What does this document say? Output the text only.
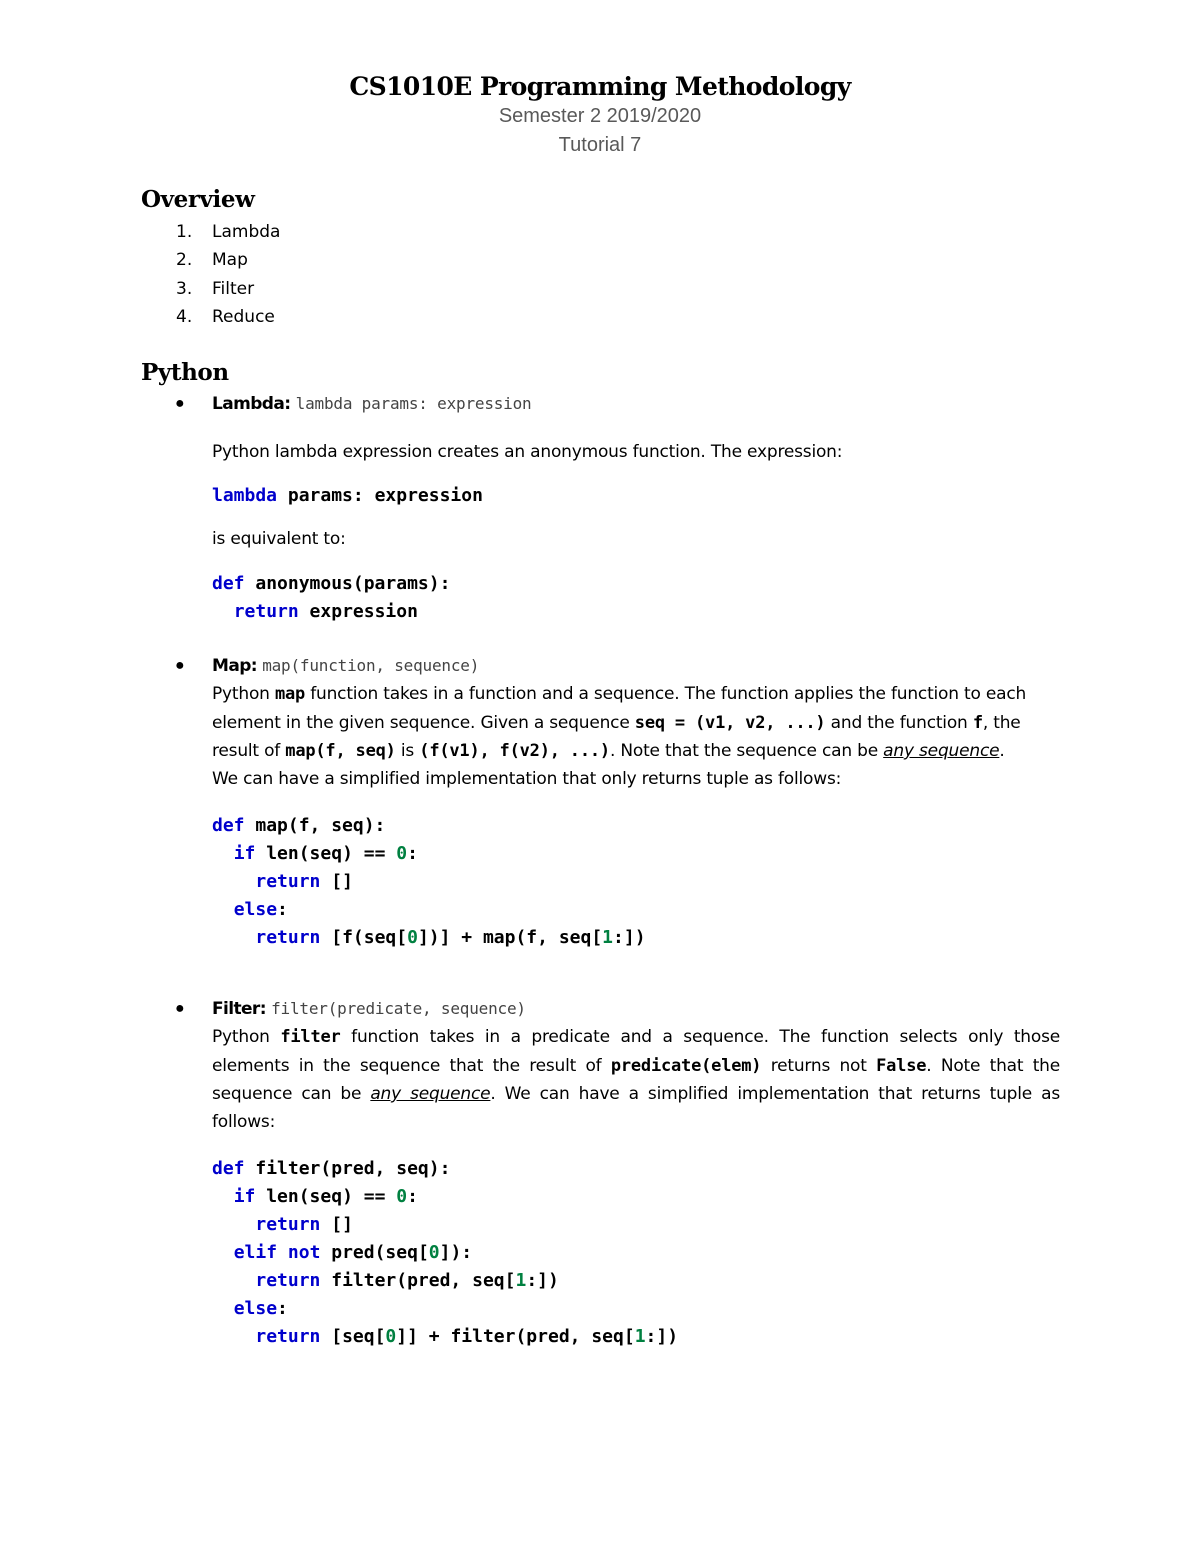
CS1010E Programming Methodology
Semester 2 2019/2020
Tutorial 7
Overview
1.	Lambda
2.	Map
3.	Filter
4.	Reduce
Python
● Lambda: lambda params: expression
Python lambda expression creates an anonymous function. The expression:
lambda params: expression
is equivalent to:
def anonymous(params):
return expression
● Map: map(function, sequence)
Python map function takes in a function and a sequence. The function applies the function to each
element in the given sequence. Given a sequence seq = (v1, v2, ...) and the function f, the
result of map(f, seq) is (f(v1), f(v2), ...). Note that the sequence can be any sequence.
We can have a simplified implementation that only returns tuple as follows:
def map(f, seq):
if len(seq) == 0:
return []
else:
return [f(seq[0])] + map(f, seq[1:])
● Filter: filter(predicate, sequence)
Python filter function takes in a predicate and a sequence. The function selects only those
elements in the sequence that the result of predicate(elem) returns not False. Note that the
sequence can be any sequence. We can have a simplified implementation that returns tuple as
follows:
def filter(pred, seq):
if len(seq) == 0:
return []
elif not pred(seq[0]):
return filter(pred, seq[1:])
else:
return [seq[0]] + filter(pred, seq[1:])
